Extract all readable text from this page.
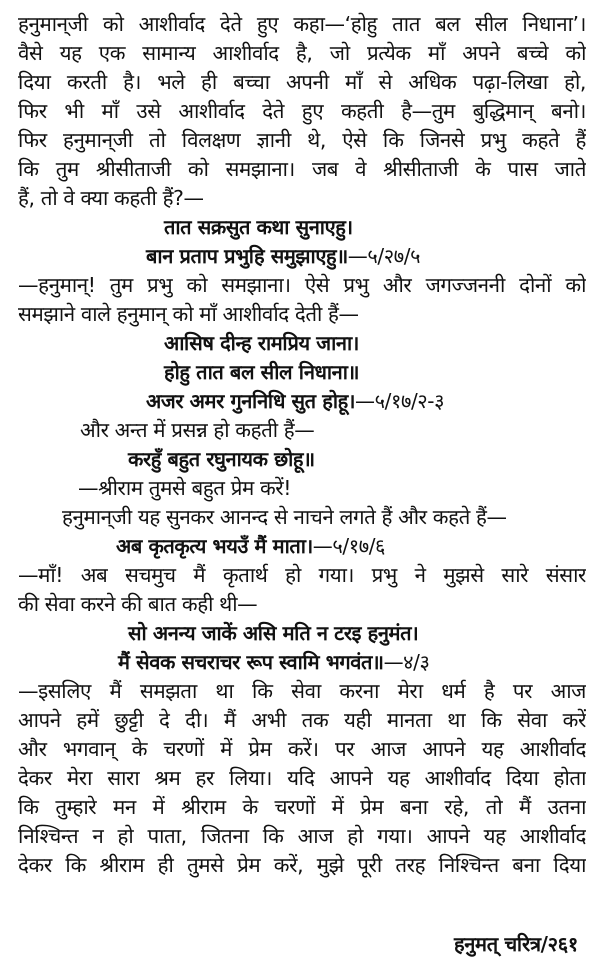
हनुमान्‌जी को आशीर्वाद देते हुए कहा—‘होहु तात बल सील निधाना’।
वैसे यह एक सामान्य आशीर्वाद है, जो प्रत्येक माँ अपने बच्चे को
दिया करती है। भले ही बच्चा अपनी माँ से अधिक पढ़ा-लिखा हो,
फिर भी माँ उसे आशीर्वाद देते हुए कहती है—तुम बुद्धिमान्‌ बनो।
फिर हनुमान्‌जी तो विलक्षण ज्ञानी थे, ऐसे कि जिनसे प्रभु कहते हैं
कि तुम श्रीसीताजी को समझाना। जब वे श्रीसीताजी के पास जाते
हैं, तो वे क्या कहती हैं?—
तात सक्रसुत कथा सुनाएहु।
बान प्रताप प्रभुहि समुझाएहु॥—५/२७/५
—हनुमान्‌! तुम प्रभु को समझाना। ऐसे प्रभु और जगज्जननी दोनों को
समझाने वाले हनुमान्‌ को माँ आशीर्वाद देती हैं—
आसिष दीन्ह रामप्रिय जाना।
होहु तात बल सील निधाना॥
अजर अमर गुननिधि सुत होहू।—५/१७/२-३
और अन्त में प्रसन्न हो कहती हैं—
करहुँ बहुत रघुनायक छोहू॥
—श्रीराम तुमसे बहुत प्रेम करें!
हनुमान्‌जी यह सुनकर आनन्द से नाचने लगते हैं और कहते हैं—
अब कृतकृत्य भयउँ मैं माता।—५/१७/६
—माँ! अब सचमुच मैं कृतार्थ हो गया। प्रभु ने मुझसे सारे संसार
की सेवा करने की बात कही थी—
सो अनन्य जाकें असि मति न टरइ हनुमंत।
मैं सेवक सचराचर रूप स्वामि भगवंत॥—४/३
—इसलिए मैं समझता था कि सेवा करना मेरा धर्म है पर आज
आपने हमें छुट्टी दे दी। मैं अभी तक यही मानता था कि सेवा करें
और भगवान्‌ के चरणों में प्रेम करें। पर आज आपने यह आशीर्वाद
देकर मेरा सारा श्रम हर लिया। यदि आपने यह आशीर्वाद दिया होता
कि तुम्हारे मन में श्रीराम के चरणों में प्रेम बना रहे, तो मैं उतना
निश्चिन्त न हो पाता, जितना कि आज हो गया। आपने यह आशीर्वाद
देकर कि श्रीराम ही तुमसे प्रेम करें, मुझे पूरी तरह निश्चिन्त बना दिया
हनुमत् चरित्र/२६१
